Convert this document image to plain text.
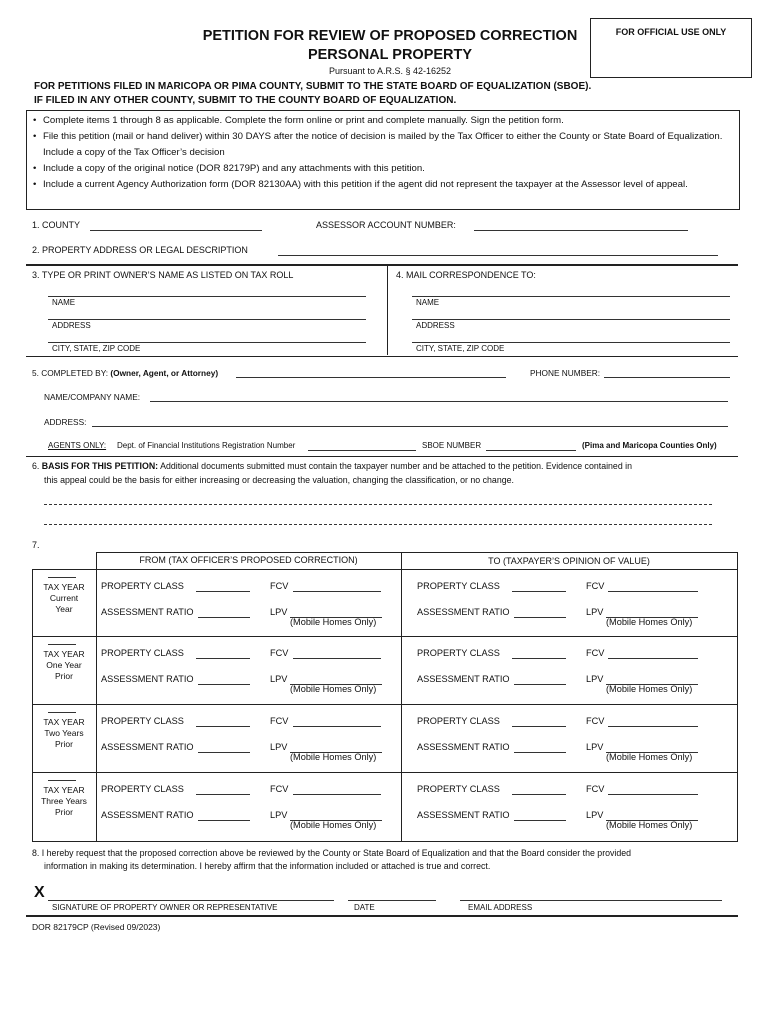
PETITION FOR REVIEW OF PROPOSED CORRECTION
PERSONAL PROPERTY
Pursuant to A.R.S. § 42-16252
FOR OFFICIAL USE ONLY
FOR PETITIONS FILED IN MARICOPA OR PIMA COUNTY, SUBMIT TO THE STATE BOARD OF EQUALIZATION (SBOE).
IF FILED IN ANY OTHER COUNTY, SUBMIT TO THE COUNTY BOARD OF EQUALIZATION.
• Complete items 1 through 8 as applicable. Complete the form online or print and complete manually. Sign the petition form.
• File this petition (mail or hand deliver) within 30 DAYS after the notice of decision is mailed by the Tax Officer to either the County or State Board of Equalization. Include a copy of the Tax Officer’s decision
• Include a copy of the original notice (DOR 82179P) and any attachments with this petition.
• Include a current Agency Authorization form (DOR 82130AA) with this petition if the agent did not represent the taxpayer at the Assessor level of appeal.
1. COUNTY	ASSESSOR ACCOUNT NUMBER:
2. PROPERTY ADDRESS OR LEGAL DESCRIPTION
3. TYPE OR PRINT OWNER’S NAME AS LISTED ON TAX ROLL	4. MAIL CORRESPONDENCE TO:
NAME
ADDRESS
CITY, STATE, ZIP CODE
NAME
ADDRESS
CITY, STATE, ZIP CODE
5. COMPLETED BY: (Owner, Agent, or Attorney)	PHONE NUMBER:
NAME/COMPANY NAME:
ADDRESS:
AGENTS ONLY: Dept. of Financial Institutions Registration Number	SBOE NUMBER	(Pima and Maricopa Counties Only)
6. BASIS FOR THIS PETITION: Additional documents submitted must contain the taxpayer number and be attached to the petition. Evidence contained in
this appeal could be the basis for either increasing or decreasing the valuation, changing the classification, or no change.
7.
FROM (TAX OFFICER’S PROPOSED CORRECTION)	TO (TAXPAYER’S OPINION OF VALUE)
TAX YEAR
Current
Year
PROPERTY CLASS	FCV
ASSESSMENT RATIO	LPV
(Mobile Homes Only)
PROPERTY CLASS	FCV
ASSESSMENT RATIO	LPV
(Mobile Homes Only)
TAX YEAR
One Year
Prior
PROPERTY CLASS	FCV
ASSESSMENT RATIO	LPV
(Mobile Homes Only)
PROPERTY CLASS	FCV
ASSESSMENT RATIO	LPV
(Mobile Homes Only)
TAX YEAR
Two Years
Prior
PROPERTY CLASS	FCV
ASSESSMENT RATIO	LPV
(Mobile Homes Only)
PROPERTY CLASS	FCV
ASSESSMENT RATIO	LPV
(Mobile Homes Only)
TAX YEAR
Three Years
Prior
PROPERTY CLASS	FCV
ASSESSMENT RATIO	LPV
(Mobile Homes Only)
PROPERTY CLASS	FCV
ASSESSMENT RATIO	LPV
(Mobile Homes Only)
8. I hereby request that the proposed correction above be reviewed by the County or State Board of Equalization and that the Board consider the provided
information in making its determination. I hereby affirm that the information included or attached is true and correct.
X
SIGNATURE OF PROPERTY OWNER OR REPRESENTATIVE	DATE	EMAIL ADDRESS
DOR 82179CP (Revised 09/2023)
